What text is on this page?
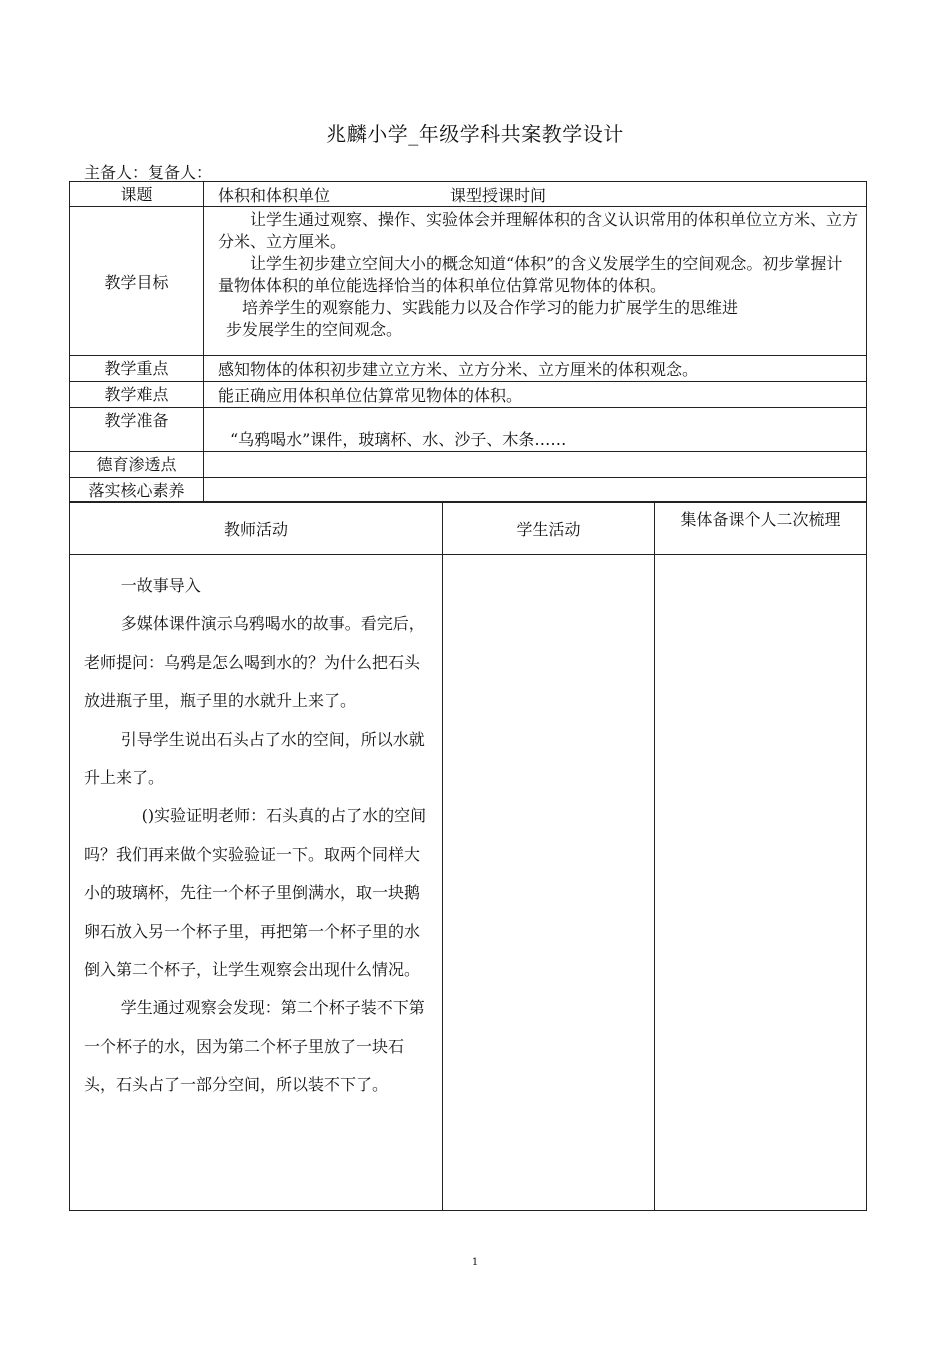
兆麟小学_年级学科共案教学设计
主备人：复备人：
课题	体积和体积单位 课型授课时间
教学目标	让学生通过观察、操作、实验体会并理解体积的含义认识常用的体积单位立方米、立方分米、立方厘米。

让学生初步建立空间大小的概念知道“体积”的含义发展学生的空间观念。初步掌握计量物体体积的单位能选择恰当的体积单位估算常见物体的体积。

培养学生的观察能力、实践能力以及合作学习的能力扩展学生的思维进

步发展学生的空间观念。

教学重点	感知物体的体积初步建立立方米、立方分米、立方厘米的体积观念。
教学难点	能正确应用体积单位估算常见物体的体积。
教学准备	“乌鸦喝水”课件，玻璃杯、水、沙子、木条……
德育渗透点	
落实核心素养	
教师活动	学生活动	集体备课个人二次梳理

一故事导入

多媒体课件演示乌鸦喝水的故事。看完后，老师提问：乌鸦是怎么喝到水的？为什么把石头放进瓶子里，瓶子里的水就升上来了。

引导学生说出石头占了水的空间，所以水就升上来了。

()实验证明老师：石头真的占了水的空间吗？我们再来做个实验验证一下。取两个同样大小的玻璃杯，先往一个杯子里倒满水，取一块鹅卵石放入另一个杯子里，再把第一个杯子里的水倒入第二个杯子，让学生观察会出现什么情况。

学生通过观察会发现：第二个杯子装不下第一个杯子的水，因为第二个杯子里放了一块石头，石头占了一部分空间，所以装不下了。		

1
